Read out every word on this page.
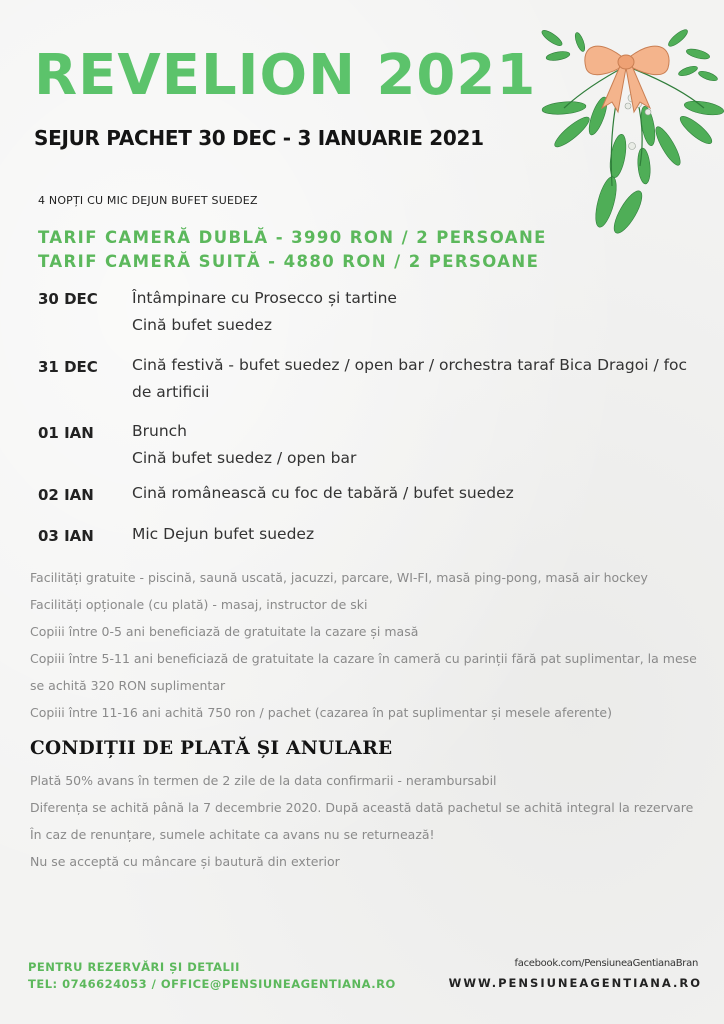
REVELION 2021
SEJUR PACHET 30 DEC - 3 IANUARIE 2021
4 NOPȚI CU MIC DEJUN BUFET SUEDEZ
TARIF CAMERĂ DUBLĂ - 3990 RON / 2 PERSOANE
TARIF CAMERĂ SUITĂ - 4880 RON / 2 PERSOANE
30 DEC Întâmpinare cu Prosecco și tartine
Cină bufet suedez
31 DEC Cină festivă - bufet suedez / open bar / orchestra taraf Bica Dragoi / foc de artificii
01 IAN Brunch
Cină bufet suedez / open bar
02 IAN Cină românească cu foc de tabără / bufet suedez
03 IAN Mic Dejun bufet suedez
Facilități gratuite - piscină, saună uscată, jacuzzi, parcare, WI-FI, masă ping-pong, masă air hockey
Facilități opționale (cu plată) - masaj, instructor de ski
Copiii între 0-5 ani beneficiază de gratuitate la cazare și masă
Copiii între 5-11 ani beneficiază de gratuitate la cazare în cameră cu parinții fără pat suplimentar, la mese se achită 320 RON suplimentar
Copiii între 11-16 ani achită 750 ron / pachet (cazarea în pat suplimentar și mesele aferente)
CONDIȚII DE PLATĂ ȘI ANULARE
Plată 50% avans în termen de 2 zile de la data confirmarii - nerambursabil
Diferența se achită până la 7 decembrie 2020. După această dată pachetul se achită integral la rezervare
În caz de renunțare, sumele achitate ca avans nu se returnează!
Nu se acceptă cu mâncare și bautură din exterior
PENTRU REZERVĂRI ȘI DETALII
TEL: 0746624053 / OFFICE@PENSIUNEAGENTIANA.RO
facebook.com/PensiuneaGentianaBran
WWW.PENSIUNEAGENTIANA.RO
